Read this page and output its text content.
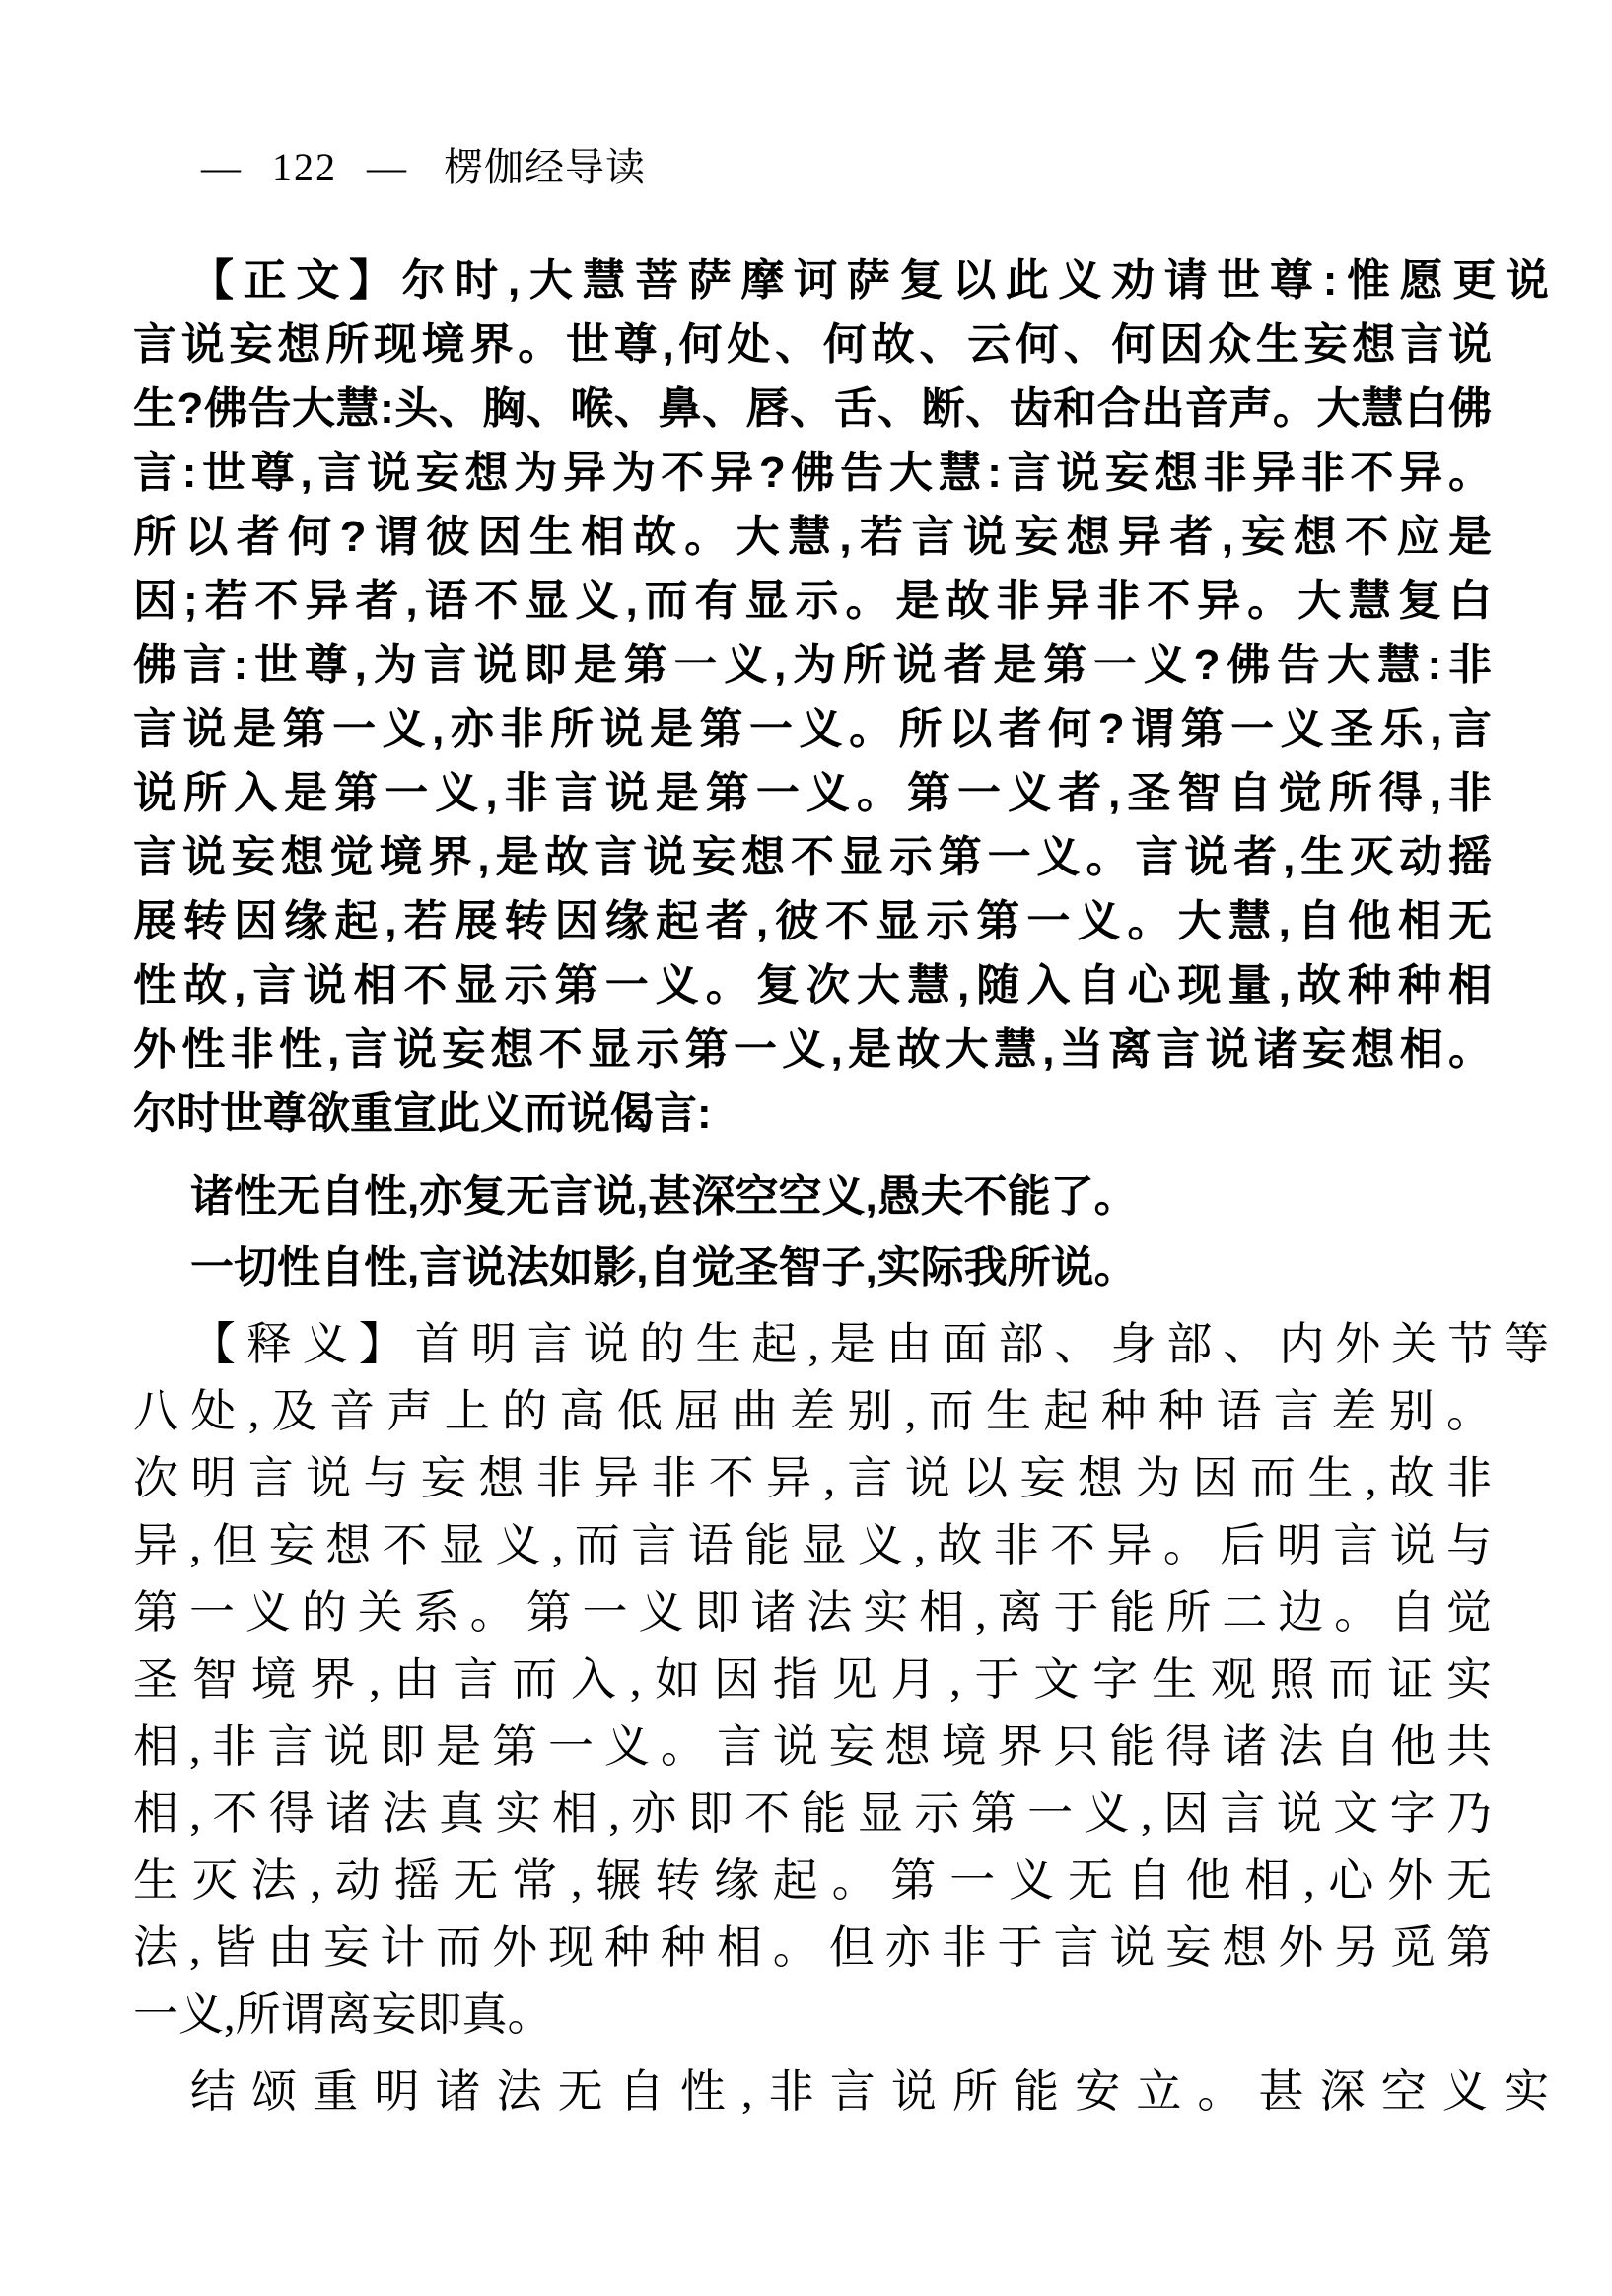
— 122 — 楞伽经导读
【正文】尔时,大慧菩萨摩诃萨复以此义劝请世尊:惟愿更说
言说妄想所现境界。世尊,何处、何故、云何、何因众生妄想言说
生?佛告大慧:头、胸、喉、鼻、唇、舌、断、齿和合出音声。大慧白佛
言:世尊,言说妄想为异为不异?佛告大慧:言说妄想非异非不异。
所以者何?谓彼因生相故。大慧,若言说妄想异者,妄想不应是
因;若不异者,语不显义,而有显示。是故非异非不异。大慧复白
佛言:世尊,为言说即是第一义,为所说者是第一义?佛告大慧:非
言说是第一义,亦非所说是第一义。所以者何?谓第一义圣乐,言
说所入是第一义,非言说是第一义。第一义者,圣智自觉所得,非
言说妄想觉境界,是故言说妄想不显示第一义。言说者,生灭动摇
展转因缘起,若展转因缘起者,彼不显示第一义。大慧,自他相无
性故,言说相不显示第一义。复次大慧,随入自心现量,故种种相
外性非性,言说妄想不显示第一义,是故大慧,当离言说诸妄想相。
尔时世尊欲重宣此义而说偈言:
诸性无自性,亦复无言说,甚深空空义,愚夫不能了。
一切性自性,言说法如影,自觉圣智子,实际我所说。
【释义】首明言说的生起,是由面部、身部、内外关节等
八处,及音声上的高低屈曲差别,而生起种种语言差别。
次明言说与妄想非异非不异,言说以妄想为因而生,故非
异,但妄想不显义,而言语能显义,故非不异。后明言说与
第一义的关系。第一义即诸法实相,离于能所二边。自觉
圣智境界,由言而入,如因指见月,于文字生观照而证实
相,非言说即是第一义。言说妄想境界只能得诸法自他共
相,不得诸法真实相,亦即不能显示第一义,因言说文字乃
生灭法,动摇无常,辗转缘起。第一义无自他相,心外无
法,皆由妄计而外现种种相。但亦非于言说妄想外另觅第
一义,所谓离妄即真。
结颂重明诸法无自性,非言说所能安立。甚深空义实
